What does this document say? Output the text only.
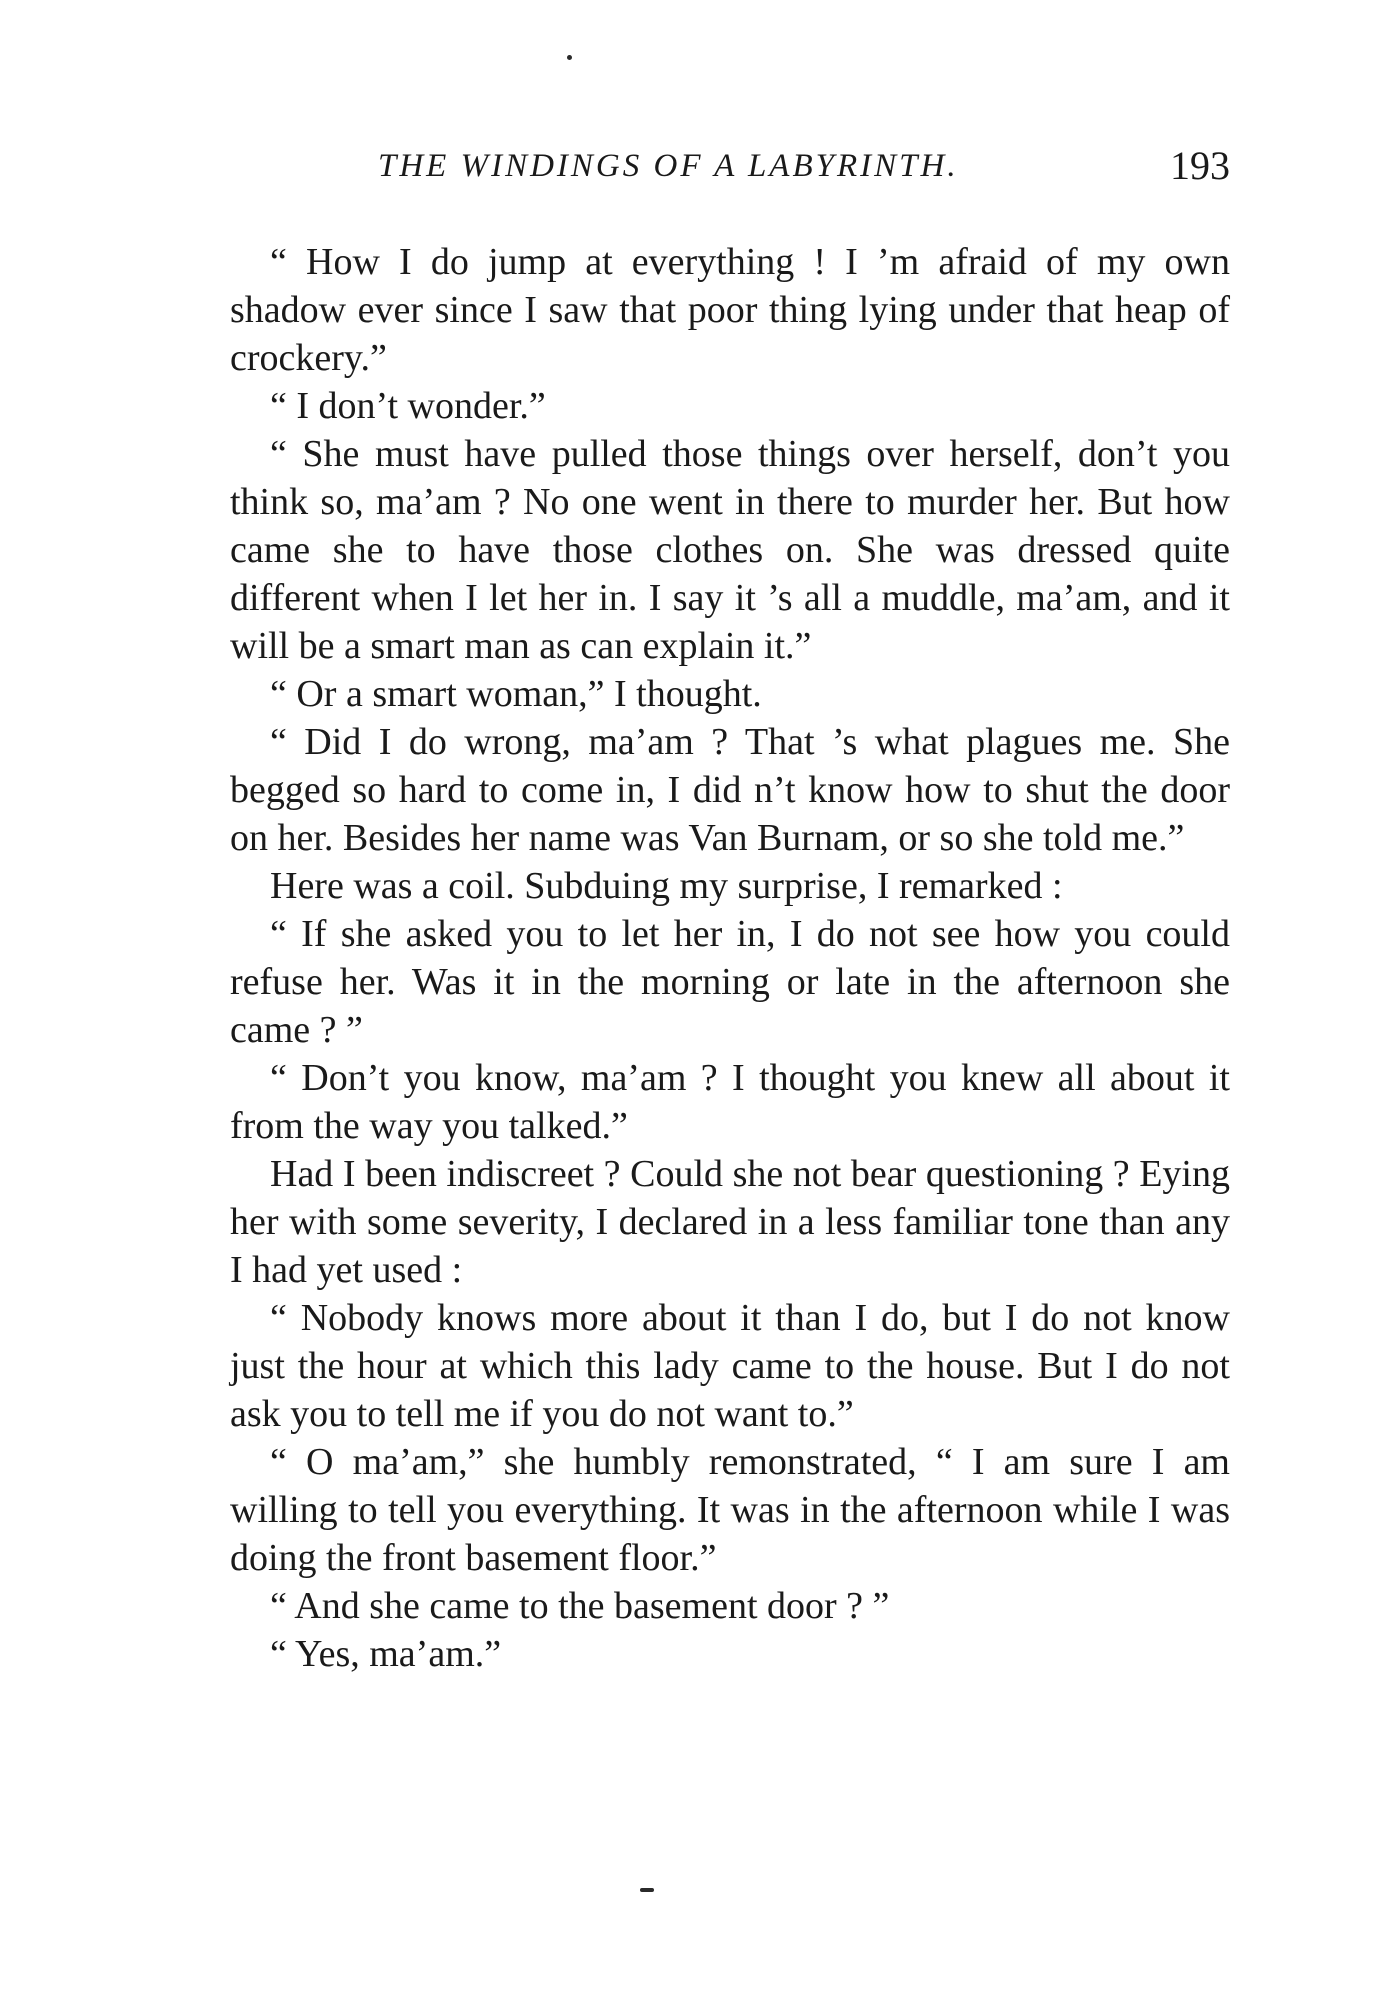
THE WINDINGS OF A LABYRINTH.	193

“ How I do jump at everything ! I ’m afraid of my own shadow ever since I saw that poor thing lying under that heap of crockery.”

“ I don’t wonder.”

“ She must have pulled those things over herself, don’t you think so, ma’am ? No one went in there to murder her. But how came she to have those clothes on. She was dressed quite different when I let her in. I say it ’s all a muddle, ma’am, and it will be a smart man as can explain it.”

“ Or a smart woman,” I thought.

“ Did I do wrong, ma’am ? That ’s what plagues me. She begged so hard to come in, I did n’t know how to shut the door on her. Besides her name was Van Burnam, or so she told me.”

Here was a coil. Subduing my surprise, I remarked :

“ If she asked you to let her in, I do not see how you could refuse her. Was it in the morning or late in the afternoon she came ? ”

“ Don’t you know, ma’am ? I thought you knew all about it from the way you talked.”

Had I been indiscreet ? Could she not bear questioning ? Eying her with some severity, I declared in a less familiar tone than any I had yet used :

“ Nobody knows more about it than I do, but I do not know just the hour at which this lady came to the house. But I do not ask you to tell me if you do not want to.”

“ O ma’am,” she humbly remonstrated, “ I am sure I am willing to tell you everything. It was in the afternoon while I was doing the front basement floor.”

“ And she came to the basement door ? ”

“ Yes, ma’am.”
